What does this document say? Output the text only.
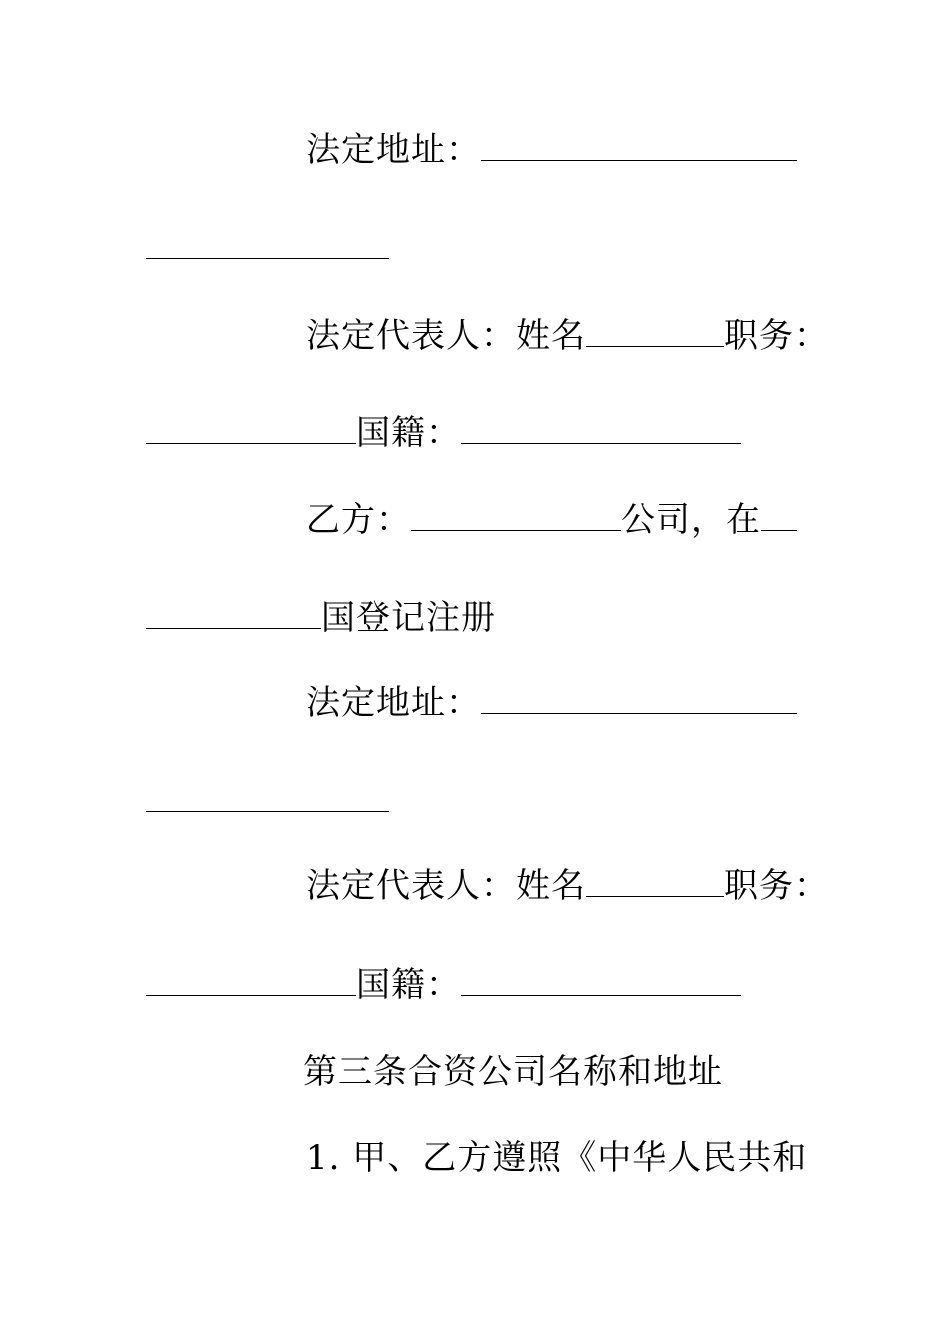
法定地址：
法定代表人：姓名	职务：
国籍：
乙方：	公司，在
国登记注册
法定地址：
法定代表人：姓名	职务：
国籍：
第三条合资公司名称和地址
1. 甲、乙方遵照《中华人民共和
